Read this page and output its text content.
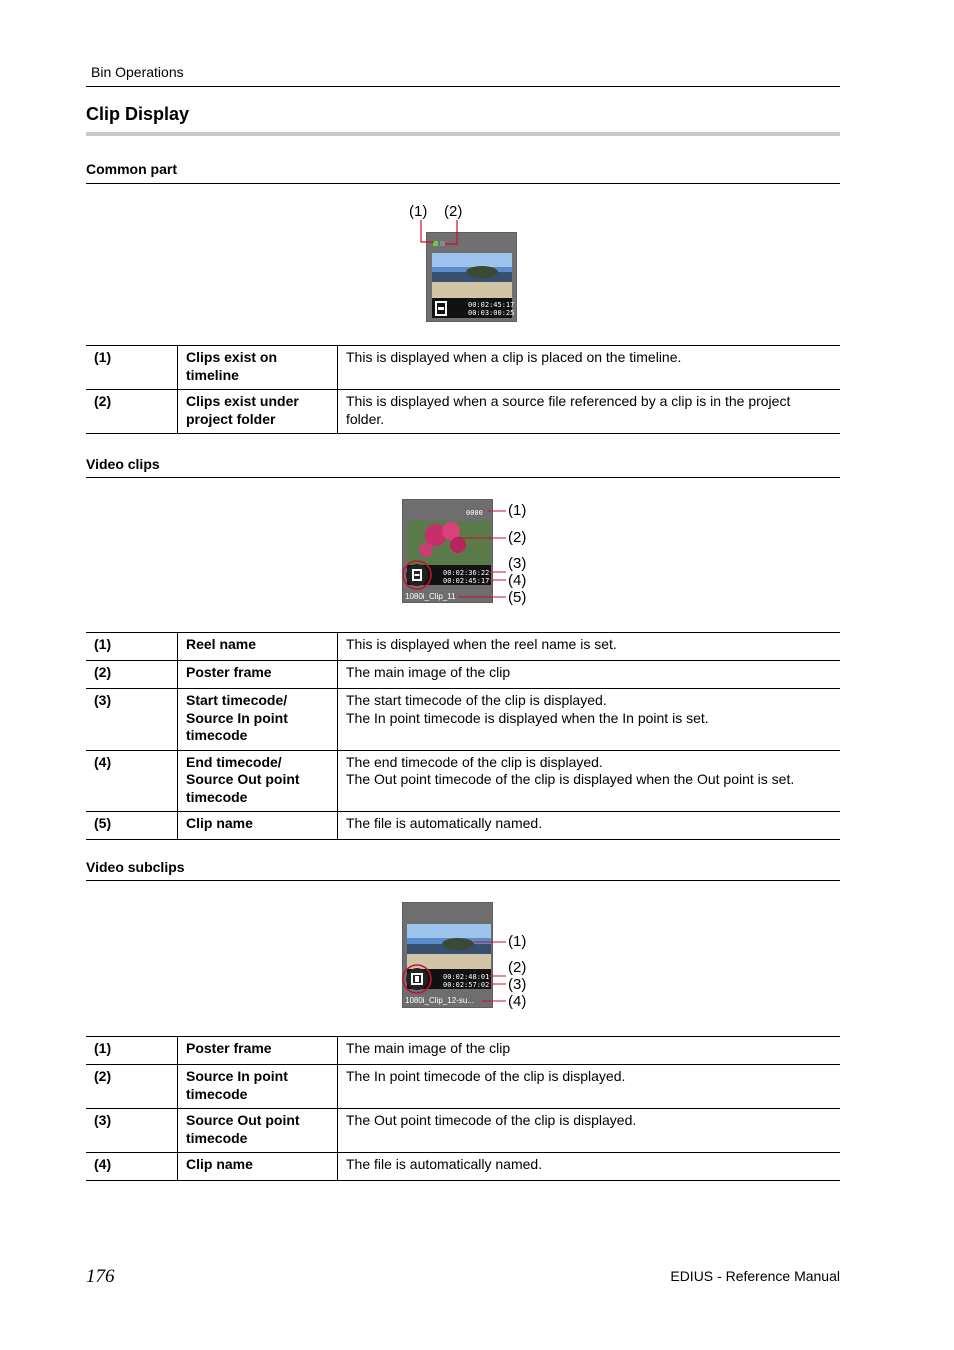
Bin Operations
Clip Display
Common part
00:02:45:17
00:03:00:25
(1) (2)
(1)	Clips exist on timeline	This is displayed when a clip is placed on the timeline.
(2)	Clips exist under project folder	This is displayed when a source file referenced by a clip is in the project folder.
Video clips
0000
00:02:36:22
00:02:45:17
1080i_Clip_11
(1)
(2)
(3)
(4)
(5)
(1)	Reel name	This is displayed when the reel name is set.
(2)	Poster frame	The main image of the clip
(3)	Start timecode/ Source In point timecode	The start timecode of the clip is displayed.
The In point timecode is displayed when the In point is set.
(4)	End timecode/ Source Out point timecode	The end timecode of the clip is displayed.
The Out point timecode of the clip is displayed when the Out point is set.
(5)	Clip name	The file is automatically named.
Video subclips
00:02:48:01
00:02:57:02
1080i_Clip_12-su...
(1)
(2)
(3)
(4)
(1)	Poster frame	The main image of the clip
(2)	Source In point timecode	The In point timecode of the clip is displayed.
(3)	Source Out point timecode	The Out point timecode of the clip is displayed.
(4)	Clip name	The file is automatically named.
176	EDIUS - Reference Manual
